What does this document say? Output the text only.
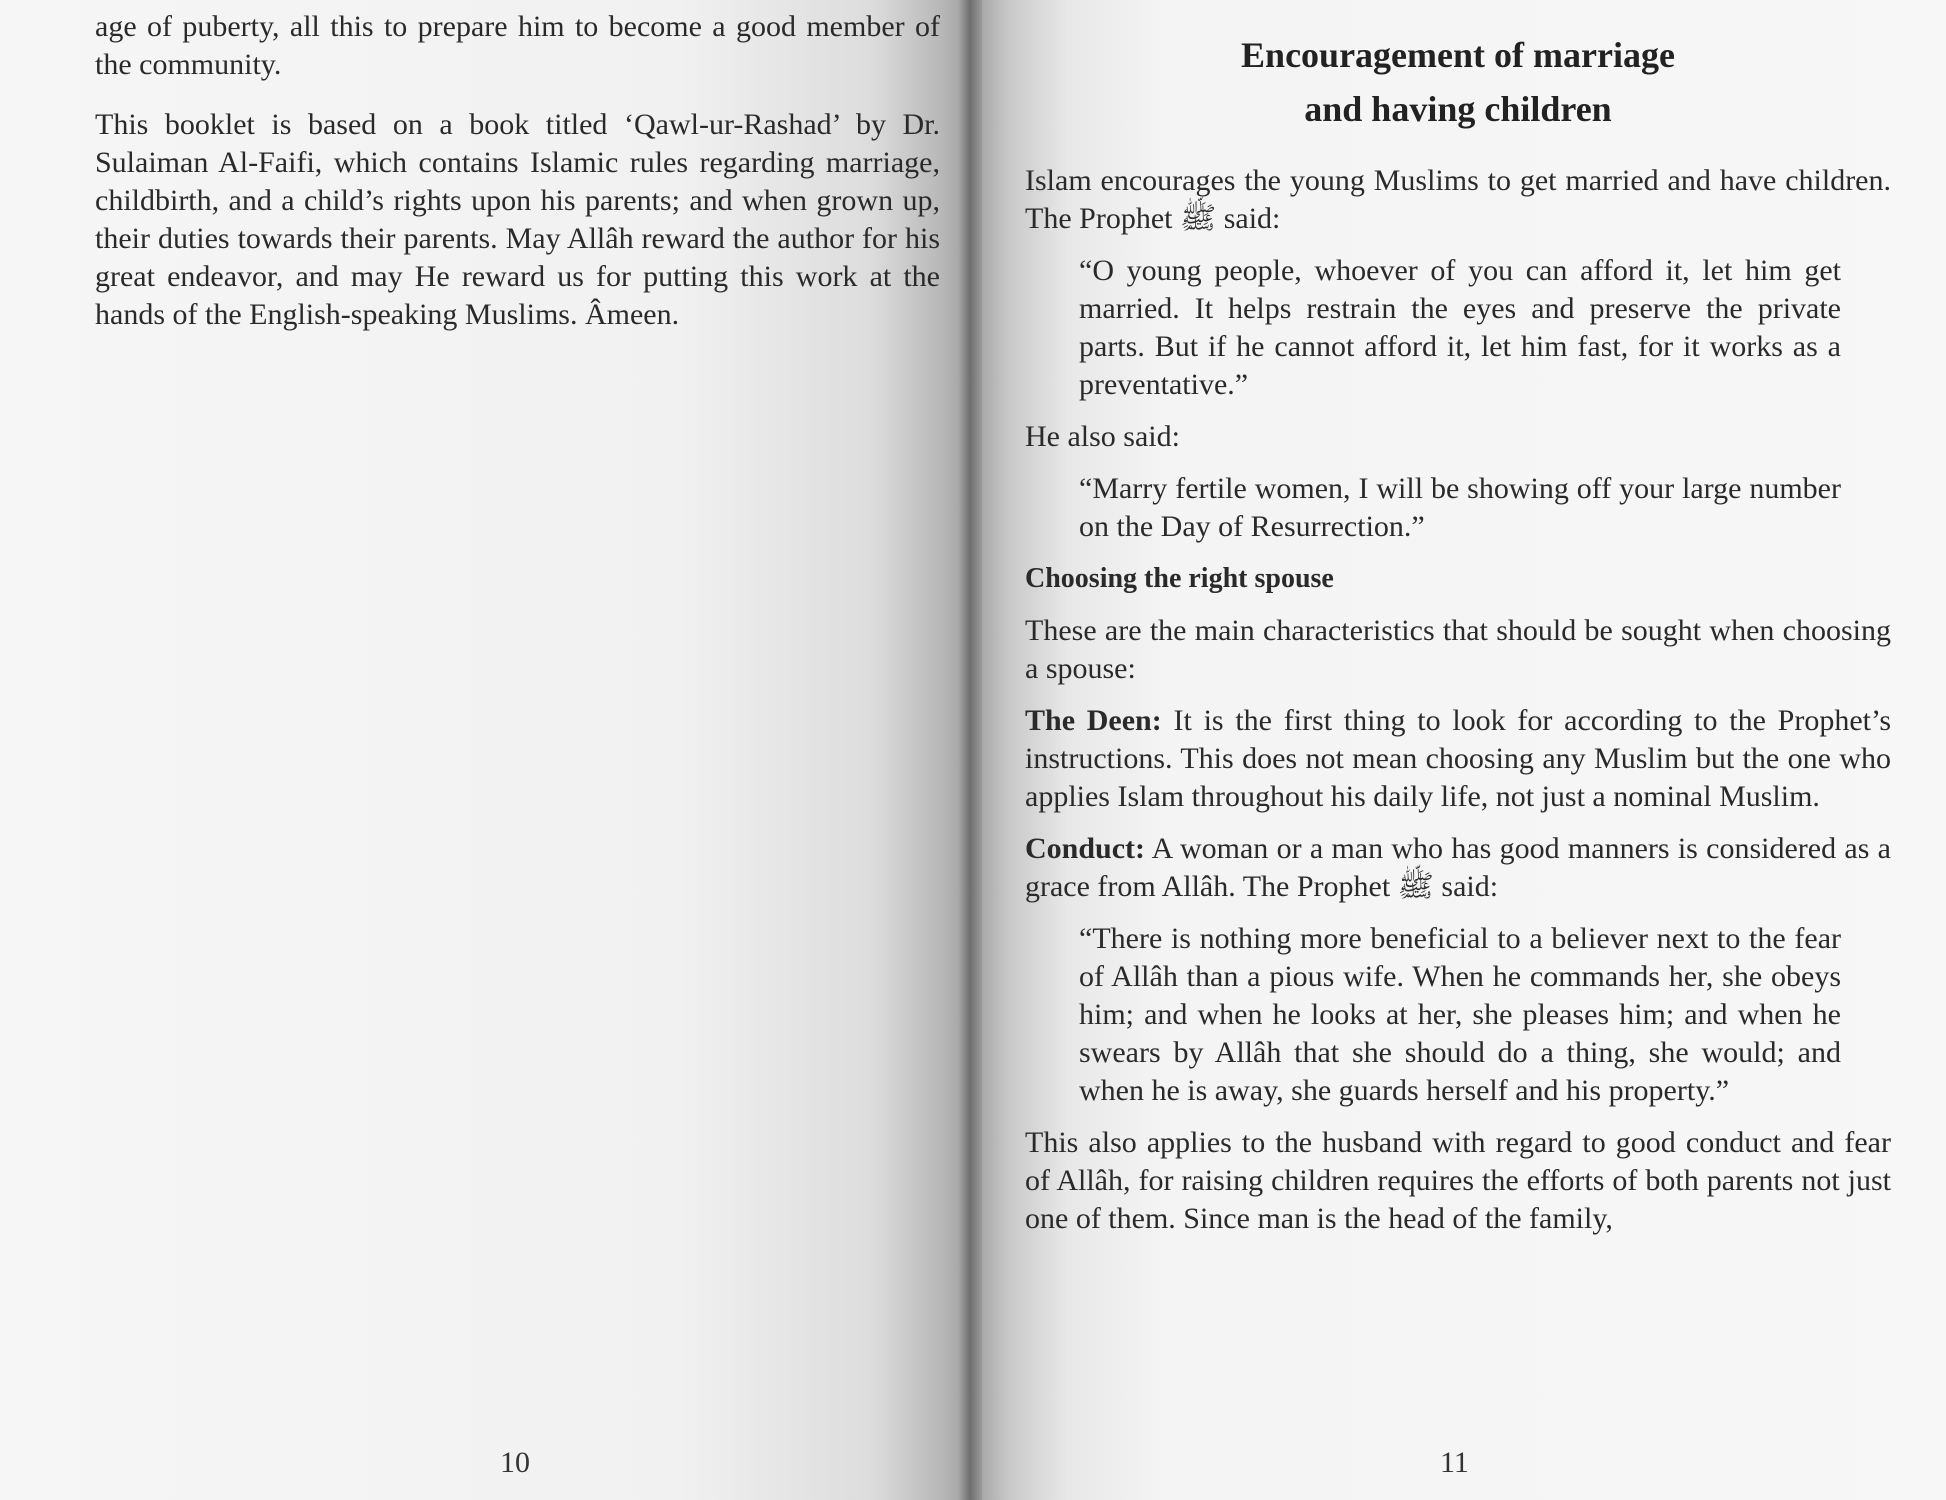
age of puberty, all this to prepare him to become a good member of the community.

This booklet is based on a book titled ‘Qawl-ur-Rashad’ by Dr. Sulaiman Al-Faifi, which contains Islamic rules regarding marriage, childbirth, and a child’s rights upon his parents; and when grown up, their duties towards their parents. May Allâh reward the author for his great endeavor, and may He reward us for putting this work at the hands of the English-speaking Muslims. Âmeen.

10
Encouragement of marriage
and having children

Islam encourages the young Muslims to get married and have children. The Prophet ﷺ said:

“O young people, whoever of you can afford it, let him get married. It helps restrain the eyes and preserve the private parts. But if he cannot afford it, let him fast, for it works as a preventative.”

He also said:

“Marry fertile women, I will be showing off your large number on the Day of Resurrection.”

Choosing the right spouse

These are the main characteristics that should be sought when choosing a spouse:

The Deen: It is the first thing to look for according to the Prophet’s instructions. This does not mean choosing any Muslim but the one who applies Islam throughout his daily life, not just a nominal Muslim.

Conduct: A woman or a man who has good manners is considered as a grace from Allâh. The Prophet ﷺ said:

“There is nothing more beneficial to a believer next to the fear of Allâh than a pious wife. When he commands her, she obeys him; and when he looks at her, she pleases him; and when he swears by Allâh that she should do a thing, she would; and when he is away, she guards herself and his property.”

This also applies to the husband with regard to good conduct and fear of Allâh, for raising children requires the efforts of both parents not just one of them. Since man is the head of the family,

11
